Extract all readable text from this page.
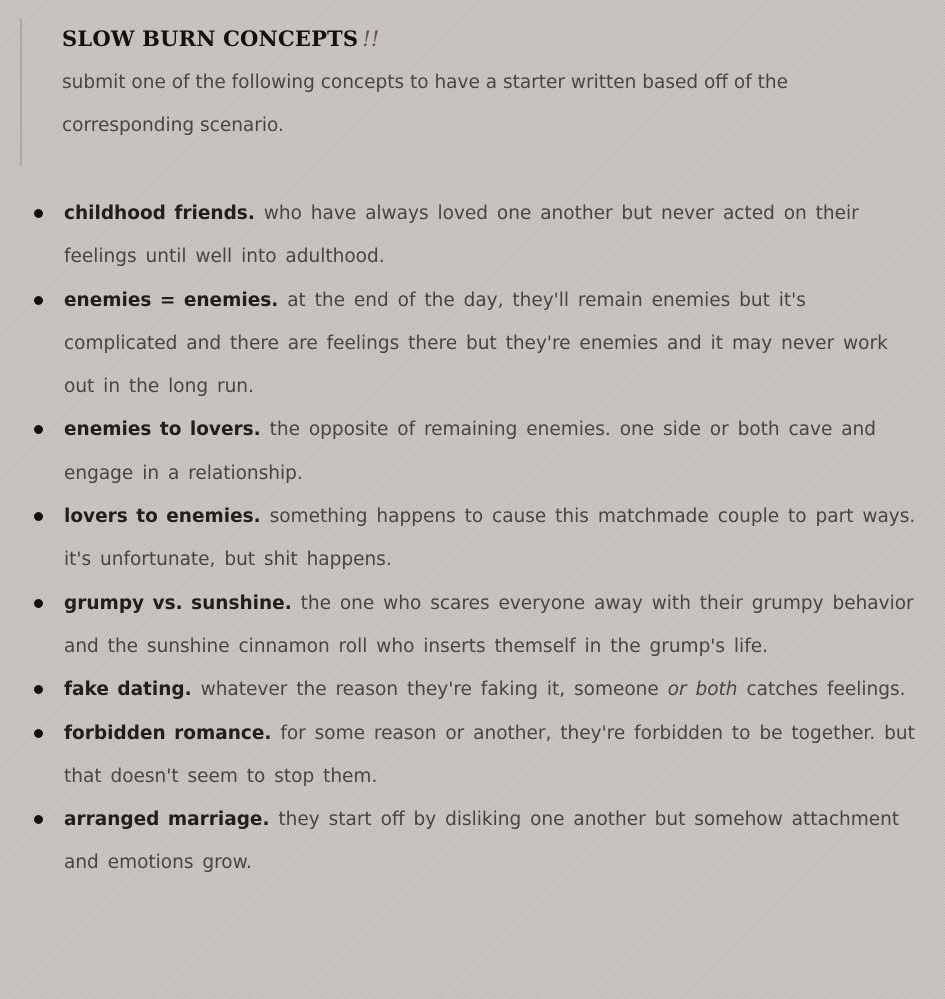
SLOW BURN CONCEPTS !!

submit one of the following concepts to have a starter written based off of the corresponding scenario.

childhood friends. who have always loved one another but never acted on their feelings until well into adulthood.
enemies = enemies. at the end of the day, they'll remain enemies but it's complicated and there are feelings there but they're enemies and it may never work out in the long run.
enemies to lovers. the opposite of remaining enemies. one side or both cave and engage in a relationship.
lovers to enemies. something happens to cause this matchmade couple to part ways. it's unfortunate, but shit happens.
grumpy vs. sunshine. the one who scares everyone away with their grumpy behavior and the sunshine cinnamon roll who inserts themself in the grump's life.
fake dating. whatever the reason they're faking it, someone or both catches feelings.
forbidden romance. for some reason or another, they're forbidden to be together. but that doesn't seem to stop them.
arranged marriage. they start off by disliking one another but somehow attachment and emotions grow.
